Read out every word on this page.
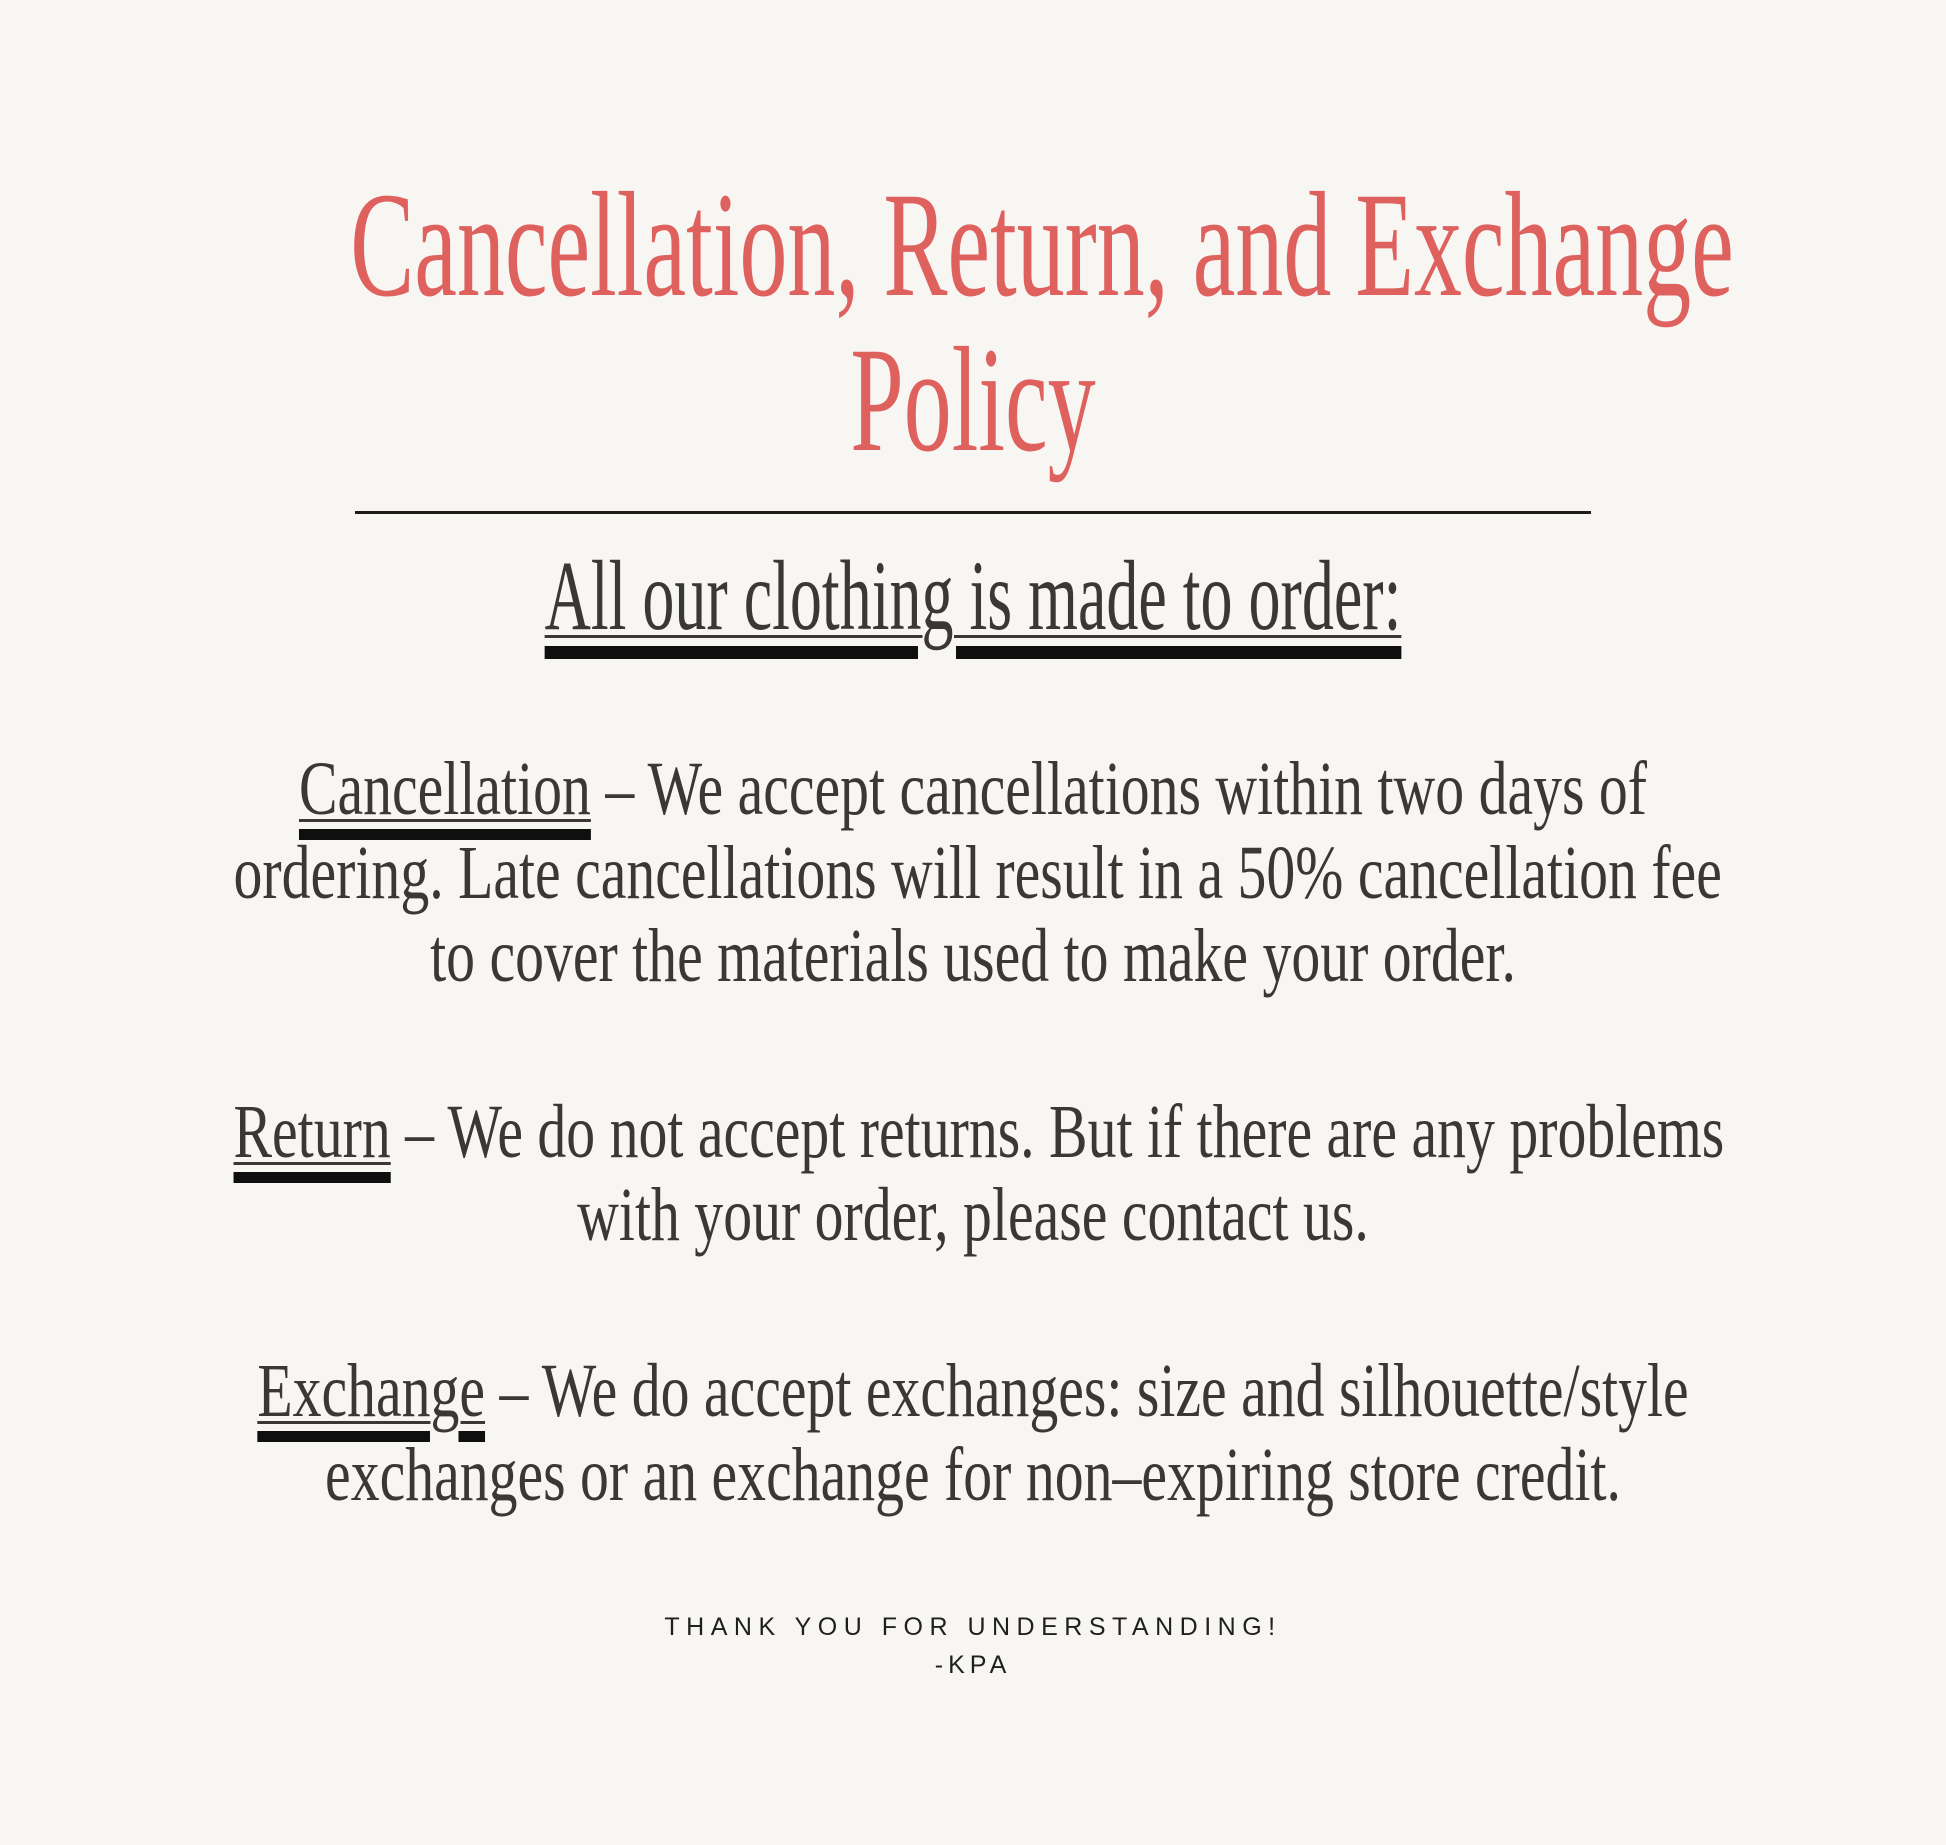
Cancellation, Return, and Exchange
Policy
All our clothing is made to order:
Cancellation – We accept cancellations within two days of
ordering. Late cancellations will result in a 50% cancellation fee
to cover the materials used to make your order.
Return – We do not accept returns. But if there are any problems
with your order, please contact us.
Exchange – We do accept exchanges: size and silhouette/style
exchanges or an exchange for non–expiring store credit.
THANK YOU FOR UNDERSTANDING!
-KPA
